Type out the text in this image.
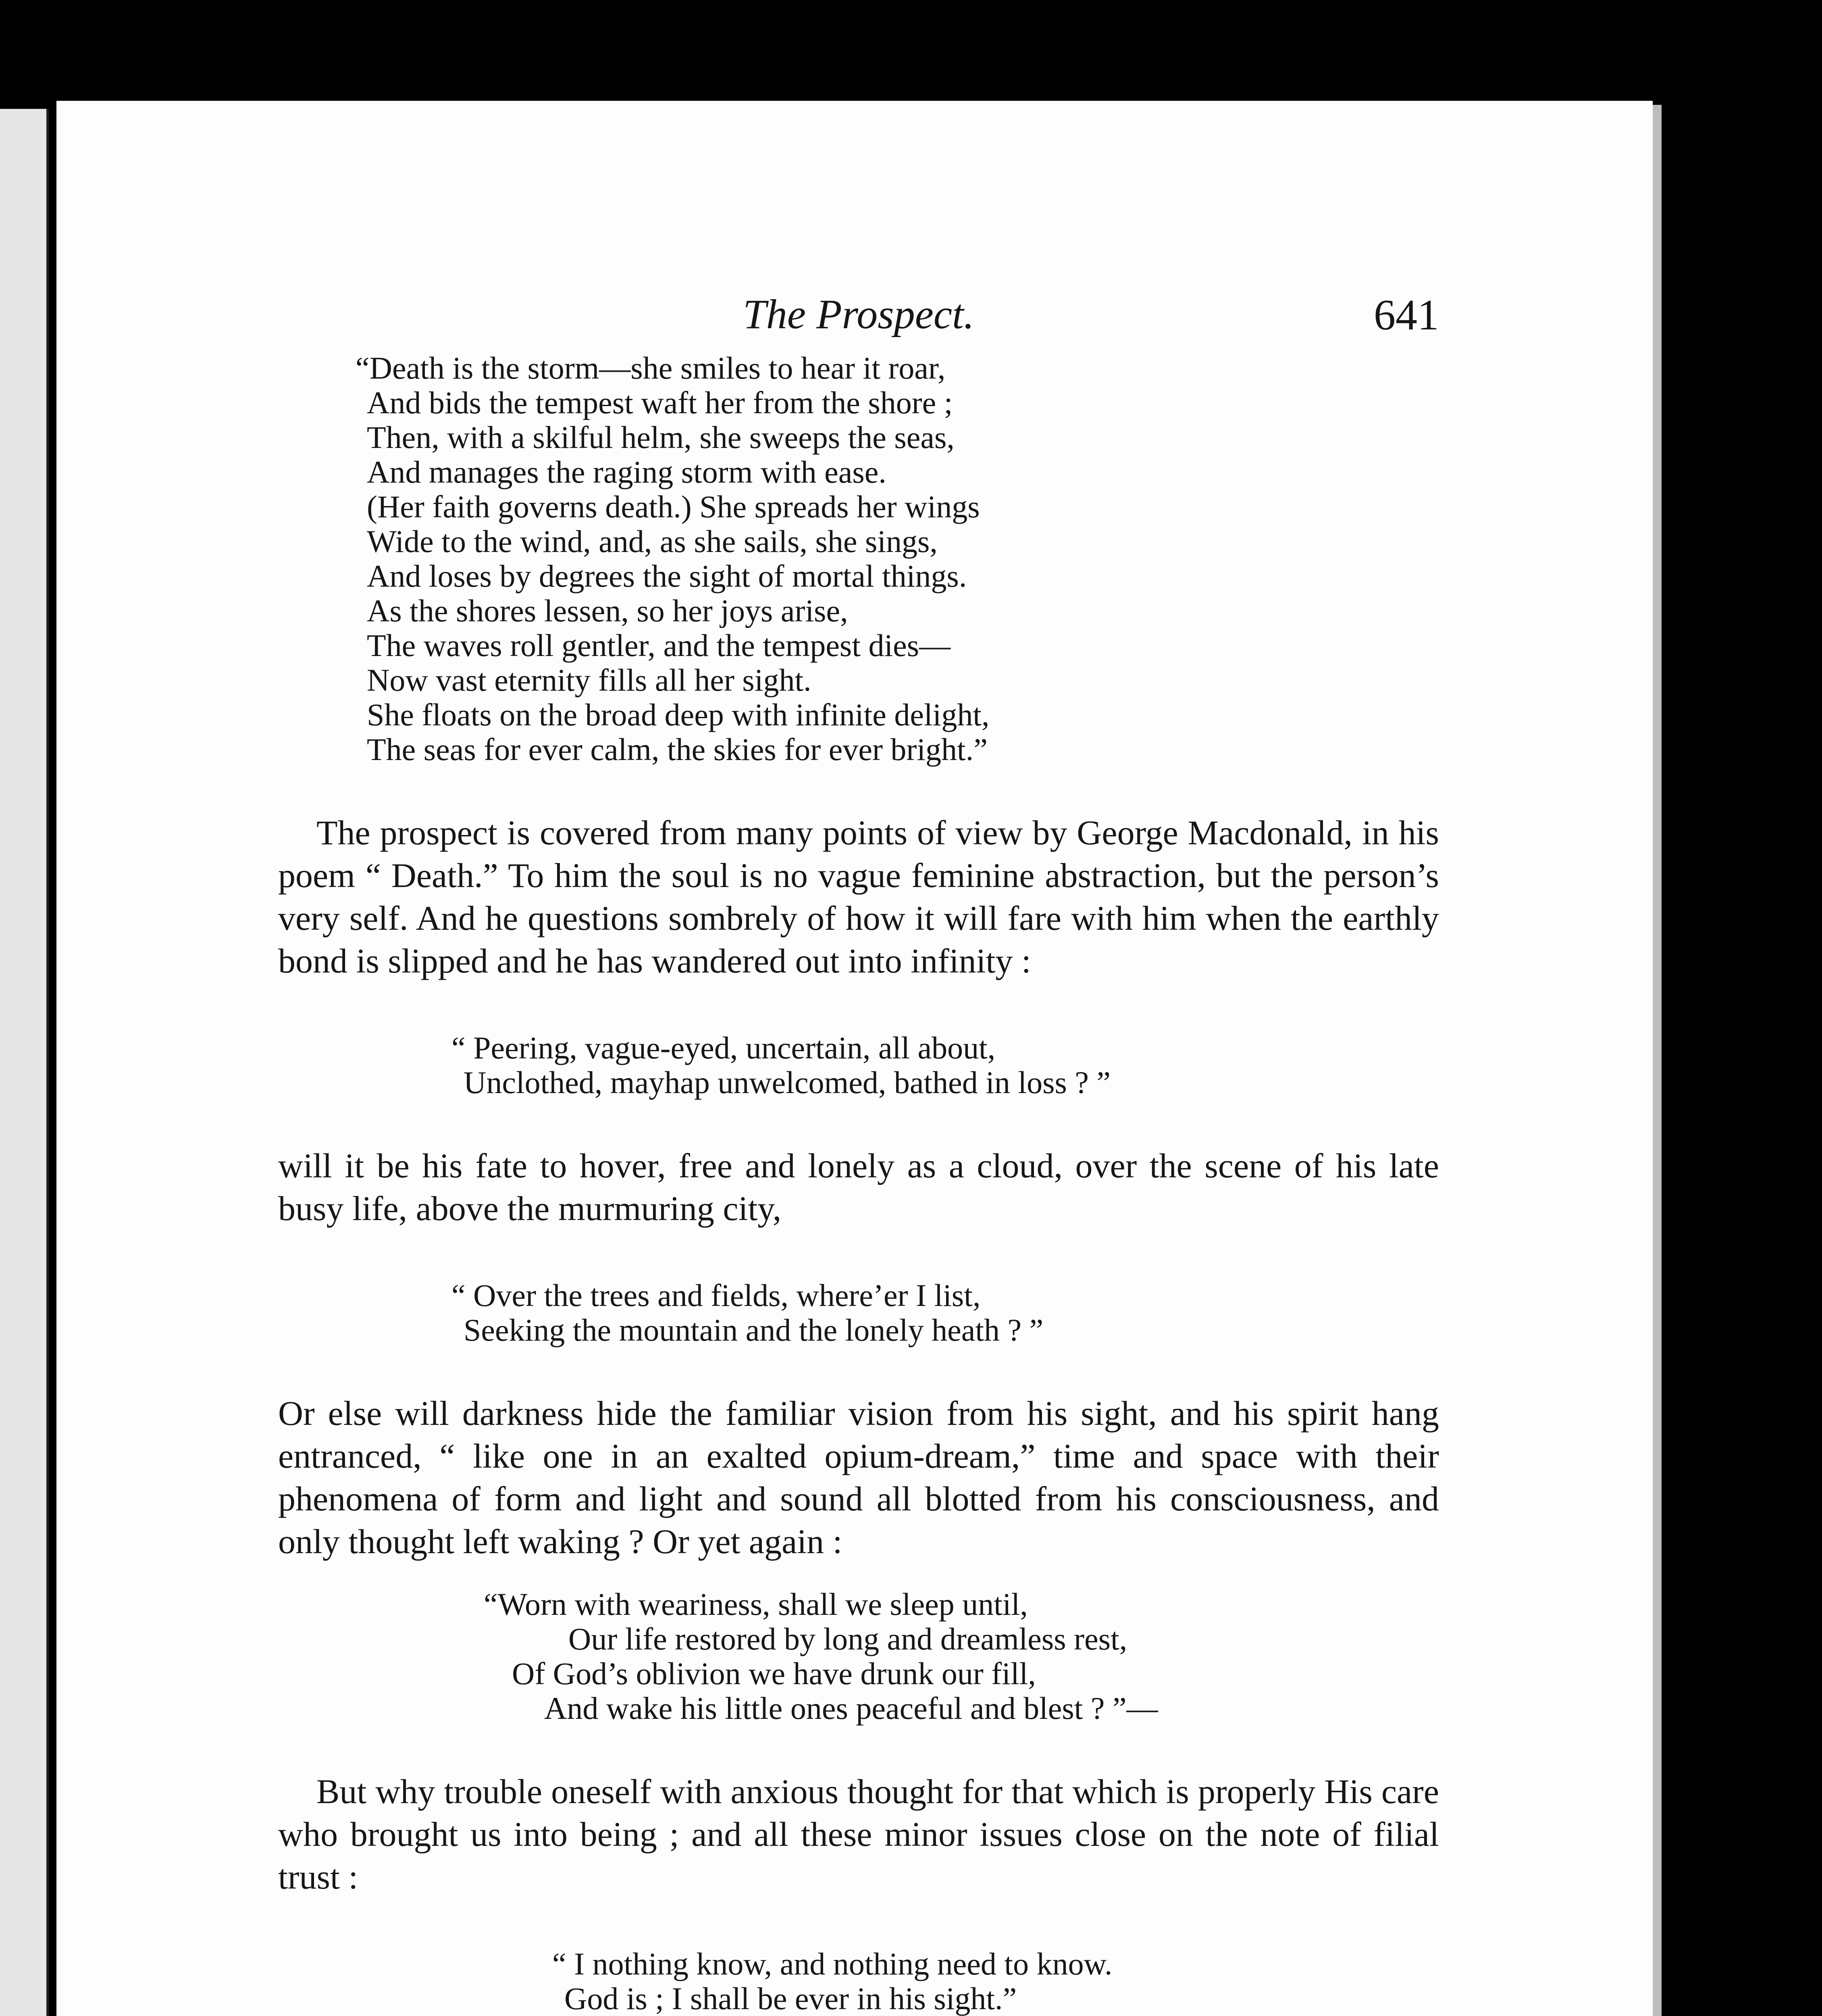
The Prospect.	641
“Death is the storm—she smiles to hear it roar,
And bids the tempest waft her from the shore ;
Then, with a skilful helm, she sweeps the seas,
And manages the raging storm with ease.
(Her faith governs death.) She spreads her wings
Wide to the wind, and, as she sails, she sings,
And loses by degrees the sight of mortal things.
As the shores lessen, so her joys arise,
The waves roll gentler, and the tempest dies—
Now vast eternity fills all her sight.
She floats on the broad deep with infinite delight,
The seas for ever calm, the skies for ever bright.”

The prospect is covered from many points of view by George Macdonald, in his poem “ Death.” To him the soul is no vague feminine abstraction, but the person’s very self. And he questions sombrely of how it will fare with him when the earthly bond is slipped and he has wandered out into infinity :

“ Peering, vague-eyed, uncertain, all about,
Unclothed, mayhap unwelcomed, bathed in loss ? ”

will it be his fate to hover, free and lonely as a cloud, over the scene of his late busy life, above the murmuring city,

“ Over the trees and fields, where’er I list,
Seeking the mountain and the lonely heath ? ”

Or else will darkness hide the familiar vision from his sight, and his spirit hang entranced, “ like one in an exalted opium-dream,” time and space with their phenomena of form and light and sound all blotted from his consciousness, and only thought left waking ? Or yet again :

“Worn with weariness, shall we sleep until,
Our life restored by long and dreamless rest,
Of God’s oblivion we have drunk our fill,
And wake his little ones peaceful and blest ? ”—

But why trouble oneself with anxious thought for that which is properly His care who brought us into being ; and all these minor issues close on the note of filial trust :

“ I nothing know, and nothing need to know.
God is ; I shall be ever in his sight.”
